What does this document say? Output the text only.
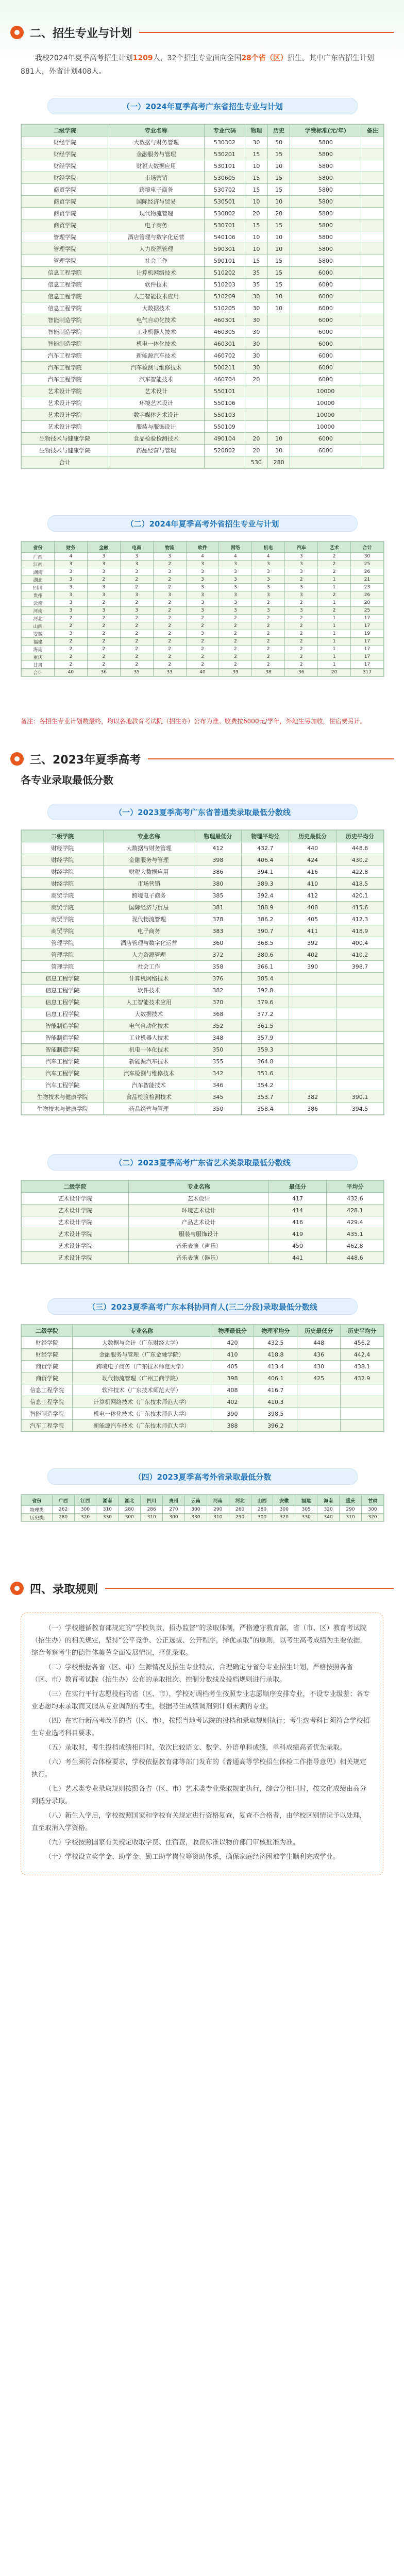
二、招生专业与计划
我校2024年夏季高考招生计划1209人，32个招生专业面向全国28个省（区）招生。其中广东省招生计划881人，外省计划408人。
（一）2024年夏季高考广东省招生专业与计划
二级学院	专业名称	专业代码	物理	历史	学费标准(元/年)	备注
财经学院	大数据与财务管理	530302	30	50	5800	
财经学院	金融服务与管理	530201	15	15	5800	
财经学院	财税大数据应用	530101	10	10	5800	
财经学院	市场营销	530605	15	15	5800	
商贸学院	跨境电子商务	530702	15	15	5800	
商贸学院	国际经济与贸易	530501	10	10	5800	
商贸学院	现代物流管理	530802	20	20	5800	
商贸学院	电子商务	530701	15	15	5800	
管理学院	酒店管理与数字化运营	540106	10	10	5800	
管理学院	人力资源管理	590301	10	10	5800	
管理学院	社会工作	590101	15	15	5800	
信息工程学院	计算机网络技术	510202	35	15	6000	
信息工程学院	软件技术	510203	35	15	6000	
信息工程学院	人工智能技术应用	510209	30	10	6000	
信息工程学院	大数据技术	510205	30	10	6000	
智能制造学院	电气自动化技术	460301	30		6000	
智能制造学院	工业机器人技术	460305	30		6000	
智能制造学院	机电一体化技术	460301	30		6000	
汽车工程学院	新能源汽车技术	460702	30		6000	
汽车工程学院	汽车检测与维修技术	500211	30		6000	
汽车工程学院	汽车智能技术	460704	20		6000	
艺术设计学院	艺术设计	550101			10000	
艺术设计学院	环境艺术设计	550106			10000	
艺术设计学院	数字媒体艺术设计	550103			10000	
艺术设计学院	服装与服饰设计	550109			10000	
生物技术与健康学院	食品检验检测技术	490104	20	10	6000	
生物技术与健康学院	药品经营与管理	520802	20	10	6000	
合计			530	280		
（二）2024年夏季高考外省招生专业与计划
省份	财务	金融	电商	物流	软件	网络	机电	汽车	艺术	合计
广西	4	3	3	3	4	4	4	3	2	30
江西	3	3	3	2	3	3	3	3	2	25
湖南	3	3	3	3	3	3	3	3	2	26
湖北	3	2	2	2	3	3	3	2	1	21
四川	3	3	2	2	3	3	3	3	1	23
贵州	3	3	3	3	3	3	3	3	2	26
云南	3	2	2	2	3	3	2	2	1	20
河南	3	3	3	2	3	3	3	3	2	25
河北	2	2	2	2	2	2	2	2	1	17
山西	2	2	2	2	2	2	2	2	1	17
安徽	3	2	2	2	3	2	2	2	1	19
福建	2	2	2	2	2	2	2	2	1	17
海南	2	2	2	2	2	2	2	2	1	17
重庆	2	2	2	2	2	2	2	2	1	17
甘肃	2	2	2	2	2	2	2	2	1	17
合计	40	36	35	33	40	39	38	36	20	317
备注：各招生专业计划数最终，均以各地教育考试院（招生办）公布为准。收费按6000元/学年，外地生另加收，住宿费另计。
三、2023年夏季高考
各专业录取最低分数
（一）2023夏季高考广东省普通类录取最低分数线
二级学院	专业名称	物理最低分	物理平均分	历史最低分	历史平均分
财经学院	大数据与财务管理	412	432.7	440	448.6
财经学院	金融服务与管理	398	406.4	424	430.2
财经学院	财税大数据应用	386	394.1	416	422.8
财经学院	市场营销	380	389.3	410	418.5
商贸学院	跨境电子商务	385	392.4	412	420.1
商贸学院	国际经济与贸易	381	388.9	408	415.6
商贸学院	现代物流管理	378	386.2	405	412.3
商贸学院	电子商务	383	390.7	411	418.9
管理学院	酒店管理与数字化运营	360	368.5	392	400.4
管理学院	人力资源管理	372	380.6	402	410.2
管理学院	社会工作	358	366.1	390	398.7
信息工程学院	计算机网络技术	376	385.4		
信息工程学院	软件技术	382	392.8		
信息工程学院	人工智能技术应用	370	379.6		
信息工程学院	大数据技术	368	377.2		
智能制造学院	电气自动化技术	352	361.5		
智能制造学院	工业机器人技术	348	357.9		
智能制造学院	机电一体化技术	350	359.3		
汽车工程学院	新能源汽车技术	355	364.8		
汽车工程学院	汽车检测与维修技术	342	351.6		
汽车工程学院	汽车智能技术	346	354.2		
生物技术与健康学院	食品检验检测技术	345	353.7	382	390.1
生物技术与健康学院	药品经营与管理	350	358.4	386	394.5
（二）2023夏季高考广东省艺术类录取最低分数线
二级学院	专业名称	最低分	平均分
艺术设计学院	艺术设计	417	432.6
艺术设计学院	环境艺术设计	414	428.1
艺术设计学院	产品艺术设计	416	429.4
艺术设计学院	服装与服饰设计	419	435.1
艺术设计学院	音乐表演（声乐）	450	462.8
艺术设计学院	音乐表演（器乐）	441	448.6
（三）2023夏季高考广东本科协同育人(三二分段)录取最低分数线
二级学院	专业名称	物理最低分	物理平均分	历史最低分	历史平均分
财经学院	大数据与会计（广东财经大学）	420	432.5	448	456.2
财经学院	金融服务与管理（广东金融学院）	410	418.8	436	442.4
商贸学院	跨境电子商务（广东技术师范大学）	405	413.4	430	438.1
商贸学院	现代物流管理（广州工商学院）	398	406.1	425	432.9
信息工程学院	软件技术（广东技术师范大学）	408	416.7		
信息工程学院	计算机网络技术（广东技术师范大学）	402	410.3		
智能制造学院	机电一体化技术（广东技术师范大学）	390	398.5		
汽车工程学院	新能源汽车技术（广东技术师范大学）	388	396.2		
（四）2023夏季高考外省录取最低分数
省份	广西	江西	湖南	湖北	四川	贵州	云南	河南	河北	山西	安徽	福建	海南	重庆	甘肃
物理类	262	300	310	280	286	270	300	290	260	280	300	305	320	290	300
历史类	280	320	330	300	310	300	330	310	290	300	320	330	340	310	320
四、录取规则

（一）学校遵循教育部规定的“学校负责，招办监督”的录取体制，严格遵守教育部、省（市、区）教育考试院（招生办）的相关规定，坚持“公平竞争、公正选拔、公开程序，择优录取”的原则，以考生高考成绩为主要依据，综合考察考生的德智体美劳全面发展情况，择优录取。

（二）学校根据各省（区、市）生源情况及招生专业特点，合理确定分省分专业招生计划，严格按照各省（区、市）教育考试院（招生办）公布的录取批次、控制分数线及投档规则进行录取。

（三）在实行平行志愿投档的省（区、市），学校对调档考生按照专业志愿顺序安排专业，不设专业级差；各专业志愿均未录取而又服从专业调剂的考生，根据考生成绩调剂到计划未满的专业。

（四）在实行新高考改革的省（区、市），按照当地考试院的投档和录取规则执行；考生选考科目须符合学校招生专业选考科目要求。

（五）录取时，考生投档成绩相同时，依次比较语文、数学、外语单科成绩，单科成绩高者优先录取。

（六）考生须符合体检要求，学校依据教育部等部门发布的《普通高等学校招生体检工作指导意见》相关规定执行。

（七）艺术类专业录取规则按照各省（区、市）艺术类专业录取规定执行，综合分相同时，按文化成绩由高分到低分录取。

（八）新生入学后，学校按照国家和学校有关规定进行资格复查，复查不合格者，由学校区别情况予以处理，直至取消入学资格。

（九）学校按照国家有关规定收取学费、住宿费，收费标准以物价部门审核批准为准。

（十）学校设立奖学金、助学金、勤工助学岗位等资助体系，确保家庭经济困难学生顺利完成学业。
